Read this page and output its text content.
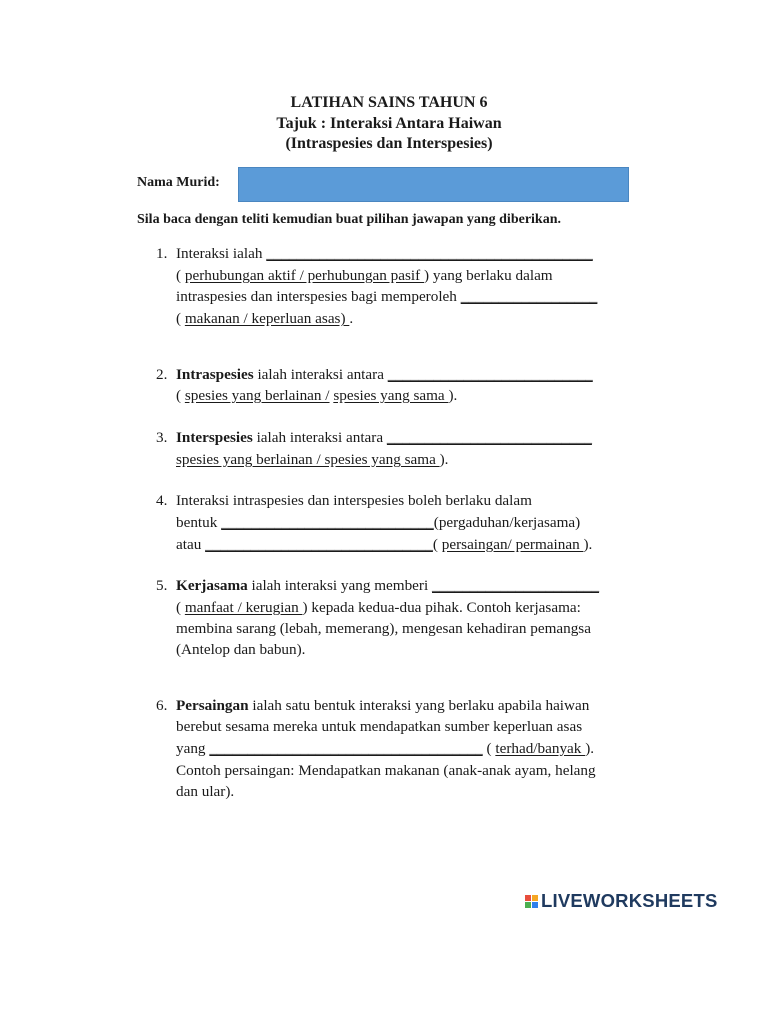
LATIHAN SAINS TAHUN 6
Tajuk : Interaksi Antara Haiwan
(Intraspesies dan Interspesies)
Nama Murid:
Sila baca dengan teliti kemudian buat pilihan jawapan yang diberikan.
1. Interaksi ialah ___________________________________________
( perhubungan aktif / perhubungan pasif ) yang berlaku dalam
intraspesies dan interspesies bagi memperoleh __________________
( makanan / keperluan asas) .
2. Intraspesies ialah interaksi antara ___________________________
( spesies yang berlainan / spesies yang sama ).
3. Interspesies ialah interaksi antara ___________________________
spesies yang berlainan / spesies yang sama ).
4. Interaksi intraspesies dan interspesies boleh berlaku dalam
bentuk ____________________________(pergaduhan/kerjasama)
atau ______________________________( persaingan/ permainan ).
5. Kerjasama ialah interaksi yang memberi ______________________
( manfaat / kerugian ) kepada kedua-dua pihak. Contoh kerjasama:
membina sarang (lebah, memerang), mengesan kehadiran pemangsa
(Antelop dan babun).
6. Persaingan ialah satu bentuk interaksi yang berlaku apabila haiwan
berebut sesama mereka untuk mendapatkan sumber keperluan asas
yang ____________________________________ ( terhad/banyak ).
Contoh persaingan: Mendapatkan makanan (anak-anak ayam, helang
dan ular).
LIVEWORKSHEETS
